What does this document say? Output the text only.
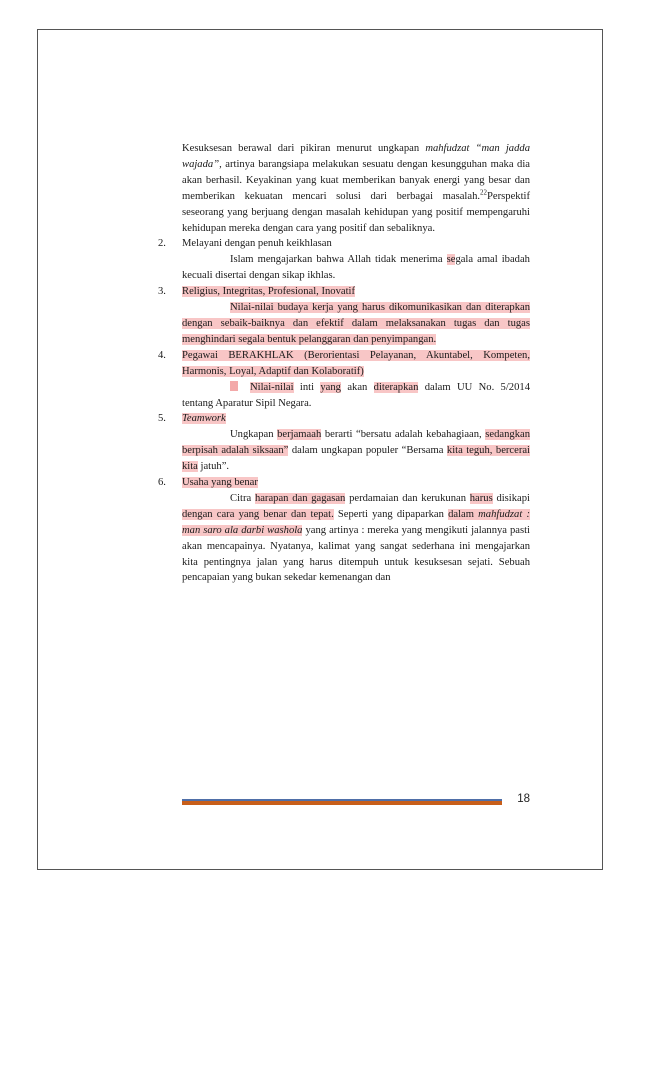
Kesuksesan berawal dari pikiran menurut ungkapan mahfudzat “man jadda wajada”, artinya barangsiapa melakukan sesuatu dengan kesungguhan maka dia akan berhasil. Keyakinan yang kuat memberikan banyak energi yang besar dan memberikan kekuatan mencari solusi dari berbagai masalah.$^{22}$Perspektif seseorang yang berjuang dengan masalah kehidupan yang positif mempengaruhi kehidupan mereka dengan cara yang positif dan sebaliknya.

2.	Melayani dengan penuh keikhlasan

Islam mengajarkan bahwa Allah tidak menerima segala amal ibadah kecuali disertai dengan sikap ikhlas.

3.	Religius, Integritas, Profesional, Inovatif

Nilai-nilai budaya kerja yang harus dikomunikasikan dan diterapkan dengan sebaik-baiknya dan efektif dalam melaksanakan tugas dan tugas menghindari segala bentuk pelanggaran dan penyimpangan.

4.	Pegawai BERAKHLAK (Berorientasi Pelayanan, Akuntabel, Kompeten, Harmonis, Loyal, Adaptif dan Kolaboratif)

Nilai-nilai inti yang akan diterapkan dalam UU No. 5/2014 tentang Aparatur Sipil Negara.

5.	Teamwork

Ungkapan berjamaah berarti “bersatu adalah kebahagiaan, sedangkan berpisah adalah siksaan” dalam ungkapan populer “Bersama kita teguh, bercerai kita jatuh”.

6.	Usaha yang benar

Citra harapan dan gagasan perdamaian dan kerukunan harus disikapi dengan cara yang benar dan tepat. Seperti yang dipaparkan dalam mahfudzat : man saro ala darbi washola yang artinya : mereka yang mengikuti jalannya pasti akan mencapainya. Nyatanya, kalimat yang sangat sederhana ini mengajarkan kita pentingnya jalan yang harus ditempuh untuk kesuksesan sejati. Sebuah pencapaian yang bukan sekedar kemenangan dan

18
